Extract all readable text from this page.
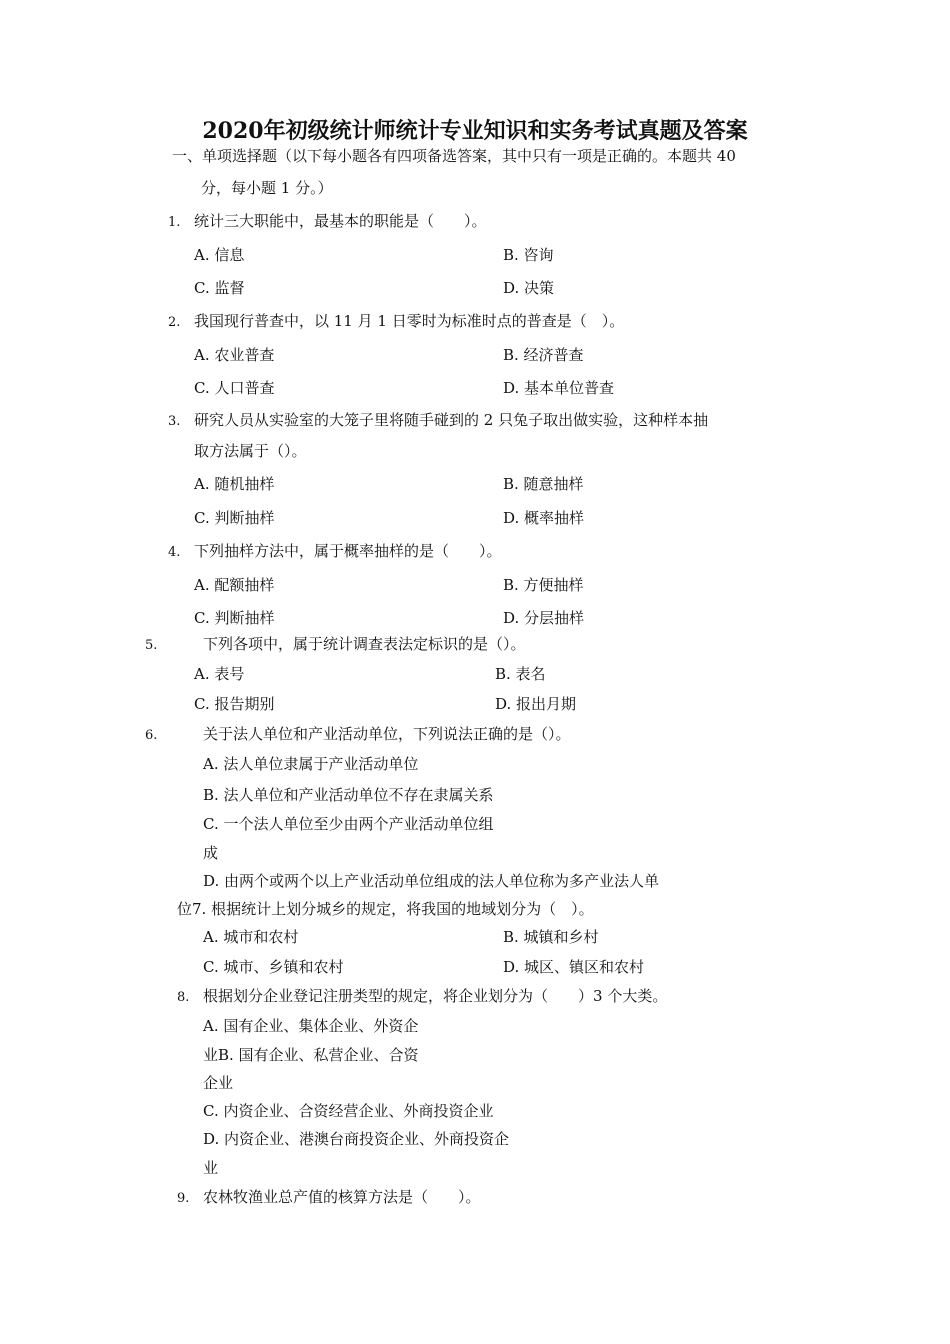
2020年初级统计师统计专业知识和实务考试真题及答案
一、单项选择题（以下每小题各有四项备选答案，其中只有一项是正确的。本题共 40
分，每小题 1 分。）
1. 统计三大职能中，最基本的职能是（　　）。
A. 信息	B. 咨询
C. 监督	D. 决策
2. 我国现行普查中，以 11 月 1 日零时为标准时点的普查是（　）。
A. 农业普查	B. 经济普查
C. 人口普查	D. 基本单位普查
3. 研究人员从实验室的大笼子里将随手碰到的 2 只兔子取出做实验，这种样本抽
取方法属于（）。
A. 随机抽样	B. 随意抽样
C. 判断抽样	D. 概率抽样
4. 下列抽样方法中，属于概率抽样的是（　　）。
A. 配额抽样	B. 方便抽样
C. 判断抽样	D. 分层抽样
5.	下列各项中，属于统计调查表法定标识的是（）。
A. 表号	B. 表名
C. 报告期别	D. 报出月期
6.	关于法人单位和产业活动单位，下列说法正确的是（）。
A. 法人单位隶属于产业活动单位
B. 法人单位和产业活动单位不存在隶属关系
C. 一个法人单位至少由两个产业活动单位组
成
D. 由两个或两个以上产业活动单位组成的法人单位称为多产业法人单
位 7. 根据统计上划分城乡的规定，将我国的地域划分为（　）。
A. 城市和农村	B. 城镇和乡村
C. 城市、乡镇和农村	D. 城区、镇区和农村
8. 根据划分企业登记注册类型的规定，将企业划分为（　　）3 个大类。
A. 国有企业、集体企业、外资企
业B. 国有企业、私营企业、合资
企业
C. 内资企业、合资经营企业、外商投资企业
D. 内资企业、港澳台商投资企业、外商投资企
业
9. 农林牧渔业总产值的核算方法是（　　）。
